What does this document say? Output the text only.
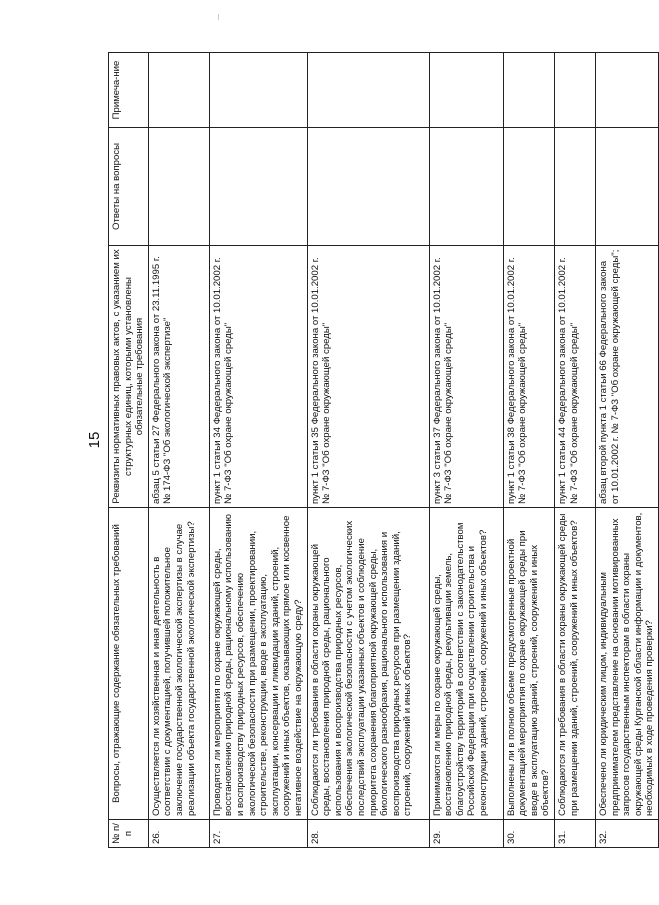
15
№ п/п	Вопросы, отражающие содержание обязательных требований	Реквизиты нормативных правовых актов, с указанием их структурных единиц, которыми установлены обязательные требования	Ответы на вопросы	Примеча-ние
26.	Осуществляется ли хозяйственная и иная деятельность в соответствии с документацией, получившей положительное заключение государственной экологической экспертизы в случае реализации объекта государственной экологической экспертизы?	абзац 5 статьи 27 Федерального закона от 23.11.1995 г. № 174-ФЗ "Об экологической экспертизе"		
27.	Проводятся ли мероприятия по охране окружающей среды, восстановлению природной среды, рациональному использованию и воспроизводству природных ресурсов, обеспечению экологической безопасности при размещении, проектировании, строительстве, реконструкции, вводе в эксплуатацию, эксплуатации, консервации и ликвидации зданий, строений, сооружений и иных объектов, оказывающих прямое или косвенное негативное воздействие на окружающую среду?	пункт 1 статьи 34 Федерального закона от 10.01.2002 г. № 7-ФЗ "Об охране окружающей среды"		
28.	Соблюдаются ли требования в области охраны окружающей среды, восстановления природной среды, рационального использования и воспроизводства природных ресурсов, обеспечения экологической безопасности с учетом экологических последствий эксплуатации указанных объектов и соблюдение приоритета сохранения благоприятной окружающей среды, биологического разнообразия, рационального использования и воспроизводства природных ресурсов при размещении зданий, строений, сооружений и иных объектов?	пункт 1 статьи 35 Федерального закона от 10.01.2002 г. № 7-ФЗ "Об охране окружающей среды"		
29.	Принимаются ли меры по охране окружающей среды, восстановлению природной среды, рекультивации земель, благоустройству территорий в соответствии с законодательством Российской Федерации при осуществлении строительства и реконструкции зданий, строений, сооружений и иных объектов?	пункт 3 статьи 37 Федерального закона от 10.01.2002 г. № 7-ФЗ "Об охране окружающей среды"		
30.	Выполнены ли в полном объеме предусмотренные проектной документацией мероприятия по охране окружающей среды при вводе в эксплуатацию зданий, строений, сооружений и иных объектов?	пункт 1 статьи 38 Федерального закона от 10.01.2002 г. № 7-ФЗ "Об охране окружающей среды"		
31.	Соблюдаются ли требования в области охраны окружающей среды при размещении зданий, строений, сооружений и иных объектов?	пункт 1 статьи 44 Федерального закона от 10.01.2002 г. № 7-ФЗ "Об охране окружающей среды"		
32.	Обеспечено ли юридическим лицом, индивидуальным предпринимателем представление на основании мотивированных запросов государственным инспекторам в области охраны окружающей среды Курганской области информации и документов, необходимых в ходе проведения проверки?	абзац второй пункта 1 статьи 66 Федерального закона от 10.01.2002 г. № 7-ФЗ "Об охране окружающей среды";		
